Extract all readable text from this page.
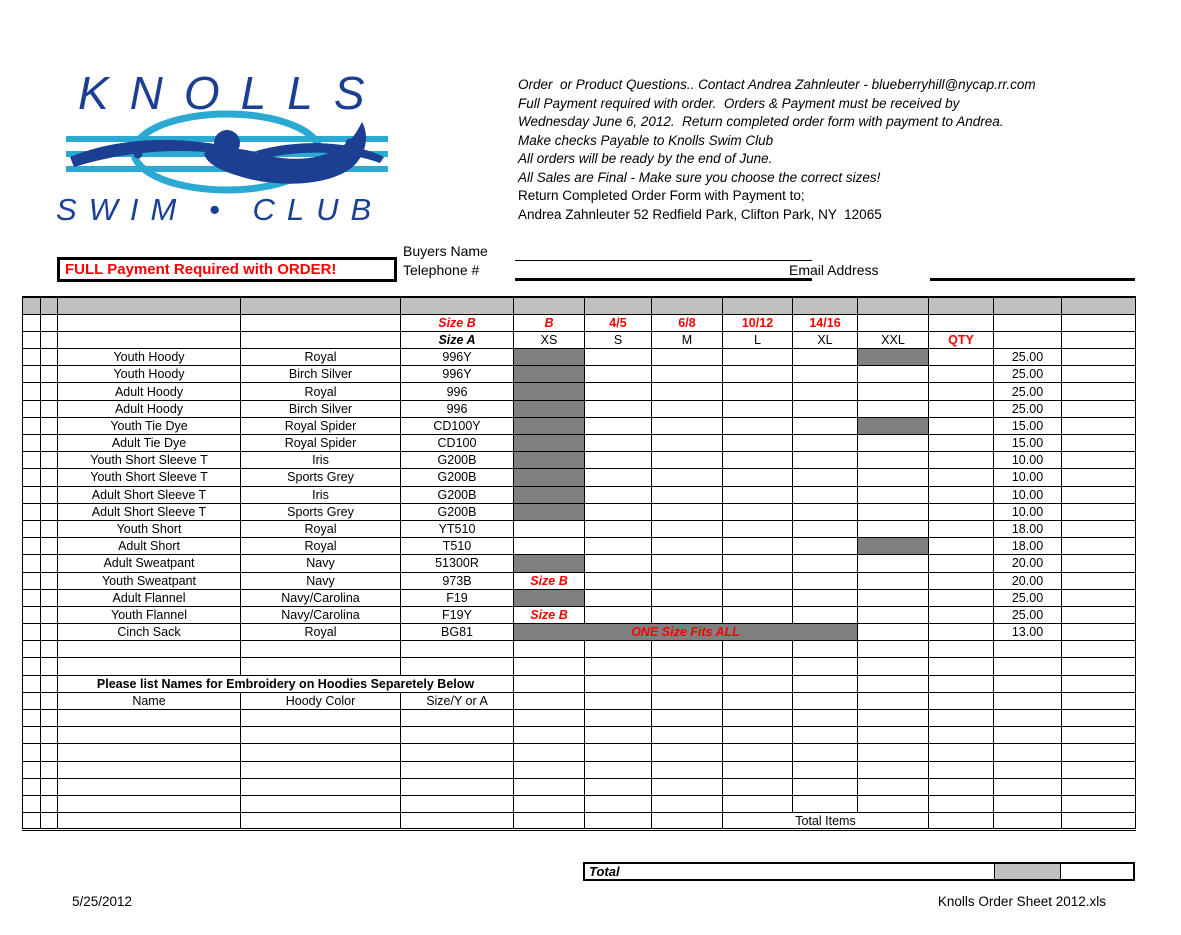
KNOLLS
SWIM • CLUB
Order  or Product Questions.. Contact Andrea Zahnleuter - blueberryhill@nycap.rr.com
Full Payment required with order.  Orders & Payment must be received by
Wednesday June 6, 2012.  Return completed order form with payment to Andrea.
Make checks Payable to Knolls Swim Club
All orders will be ready by the end of June.
All Sales are Final - Make sure you choose the correct sizes!
Return Completed Order Form with Payment to;
Andrea Zahnleuter 52 Redfield Park, Clifton Park, NY  12065
FULL Payment Required with ORDER!
Buyers Name
Telephone #	Email Address

				Size B	B	4/5	6/8	10/12	14/16				
				Size A	XS	S	M	L	XL	XXL	QTY		
		Youth Hoody	Royal	996Y								25.00	
		Youth Hoody	Birch Silver	996Y								25.00	
		Adult Hoody	Royal	996								25.00	
		Adult Hoody	Birch Silver	996								25.00	
		Youth Tie Dye	Royal Spider	CD100Y								15.00	
		Adult Tie Dye	Royal Spider	CD100								15.00	
		Youth Short Sleeve T	Iris	G200B								10.00	
		Youth Short Sleeve T	Sports Grey	G200B								10.00	
		Adult Short Sleeve T	Iris	G200B								10.00	
		Adult Short Sleeve T	Sports Grey	G200B								10.00	
		Youth Short	Royal	YT510								18.00	
		Adult Short	Royal	T510								18.00	
		Adult Sweatpant	Navy	51300R								20.00	
		Youth Sweatpant	Navy	973B	Size B							20.00	
		Adult Flannel	Navy/Carolina	F19								25.00	
		Youth Flannel	Navy/Carolina	F19Y	Size B							25.00	
		Cinch Sack	Royal	BG81	ONE Size Fits ALL							13.00	

		Please list Names for Embroidery on Hoodies Separetely Below											
		Name	Hoody Color	Size/Y or A									

								Total Items					
Total
5/25/2012	Knolls Order Sheet 2012.xls
